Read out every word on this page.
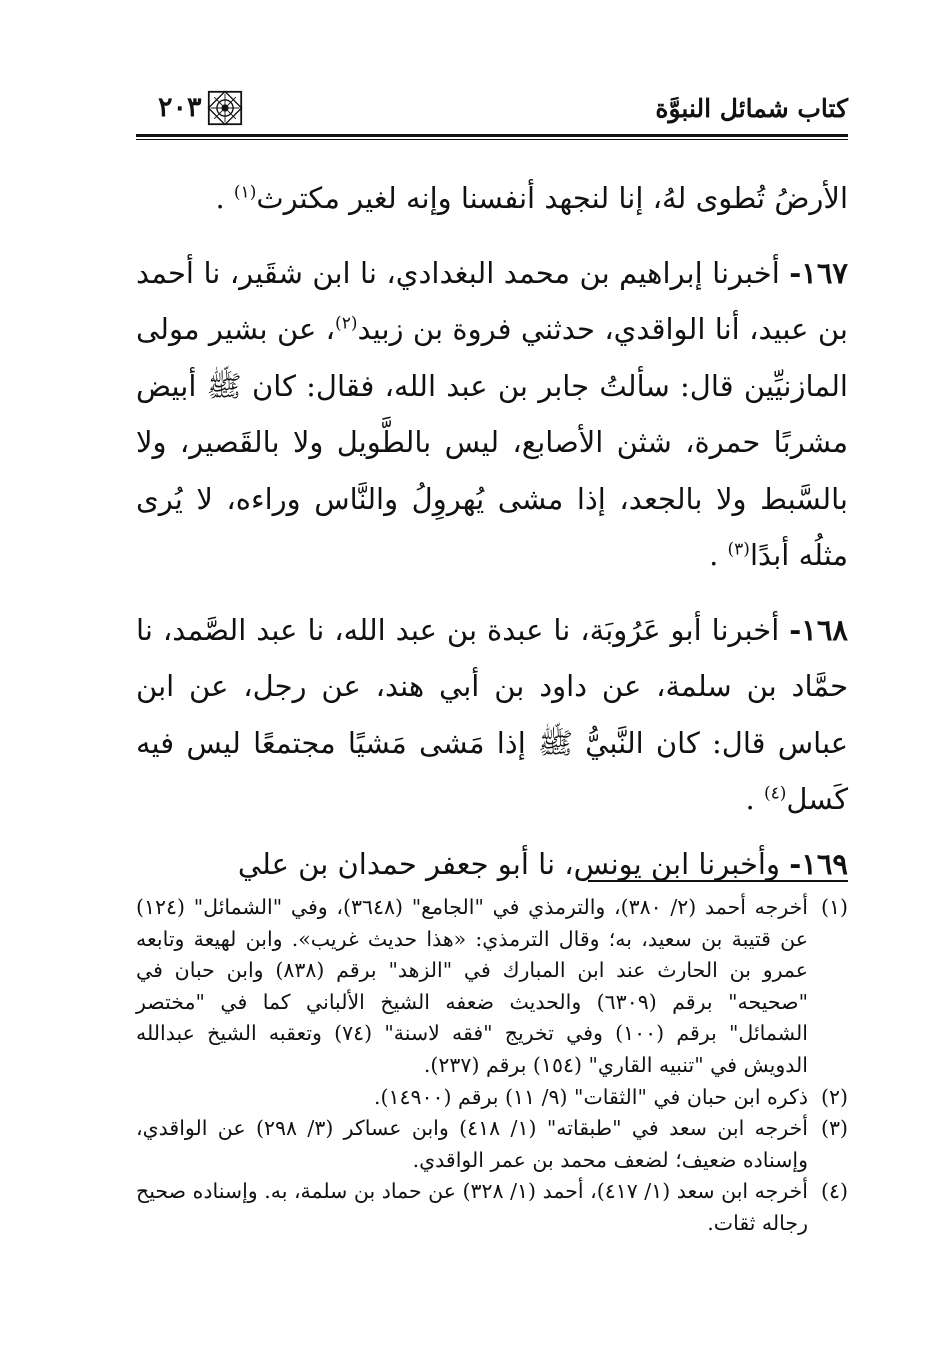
كتاب شمائل النبوَّة
٢٠٣

الأرضُ تُطوى لهُ، إنا لنجهد أنفسنا وإنه لغير مكترث$^{(١)}$ .

١٦٧- أخبرنا إبراهيم بن محمد البغدادي، نا ابن شقَير، نا أحمد بن عبيد، أنا الواقدي، حدثني فروة بن زبيد$^{(٢)}$، عن بشير مولى المازنيِّين قال: سألتُ جابر بن عبد الله، فقال: كان ﷺ أبيض مشربًا حمرة، شثن الأصابع، ليس بالطَّويل ولا بالقَصير، ولا بالسَّبط ولا بالجعد، إذا مشى يُهروِلُ والنَّاس وراءه، لا يُرى مثلُه أبدًا$^{(٣)}$ .

١٦٨- أخبرنا أبو عَرُوبَة، نا عبدة بن عبد الله، نا عبد الصَّمد، نا حمَّاد بن سلمة، عن داود بن أبي هند، عن رجل، عن ابن عباس قال: كان النَّبيُّ ﷺ إذا مَشى مَشيًا مجتمعًا ليس فيه كَسل$^{(٤)}$ .

١٦٩- وأخبرنا ابن يونس، نا أبو جعفر حمدان بن علي

(١)
أخرجه أحمد (٢/ ٣٨٠)، والترمذي في "الجامع" (٣٦٤٨)، وفي "الشمائل" (١٢٤) عن قتيبة بن سعيد، به؛ وقال الترمذي: «هذا حديث غريب». وابن لهيعة وتابعه عمرو بن الحارث عند ابن المبارك في "الزهد" برقم (٨٣٨) وابن حبان في "صحيحه" برقم (٦٣٠٩) والحديث ضعفه الشيخ الألباني كما في "مختصر الشمائل" برقم (١٠٠) وفي تخريج "فقه لاسنة" (٧٤) وتعقبه الشيخ عبدالله الدويش في "تنبيه القاري" (١٥٤) برقم (٢٣٧).
(٢)
ذكره ابن حبان في "الثقات" (٩/ ١١) برقم (١٤٩٠٠).
(٣)
أخرجه ابن سعد في "طبقاته" (١/ ٤١٨) وابن عساكر (٣/ ٢٩٨) عن الواقدي، وإسناده ضعيف؛ لضعف محمد بن عمر الواقدي.
(٤)
أخرجه ابن سعد (١/ ٤١٧)، أحمد (١/ ٣٢٨) عن حماد بن سلمة، به. وإسناده صحيح رجاله ثقات.
